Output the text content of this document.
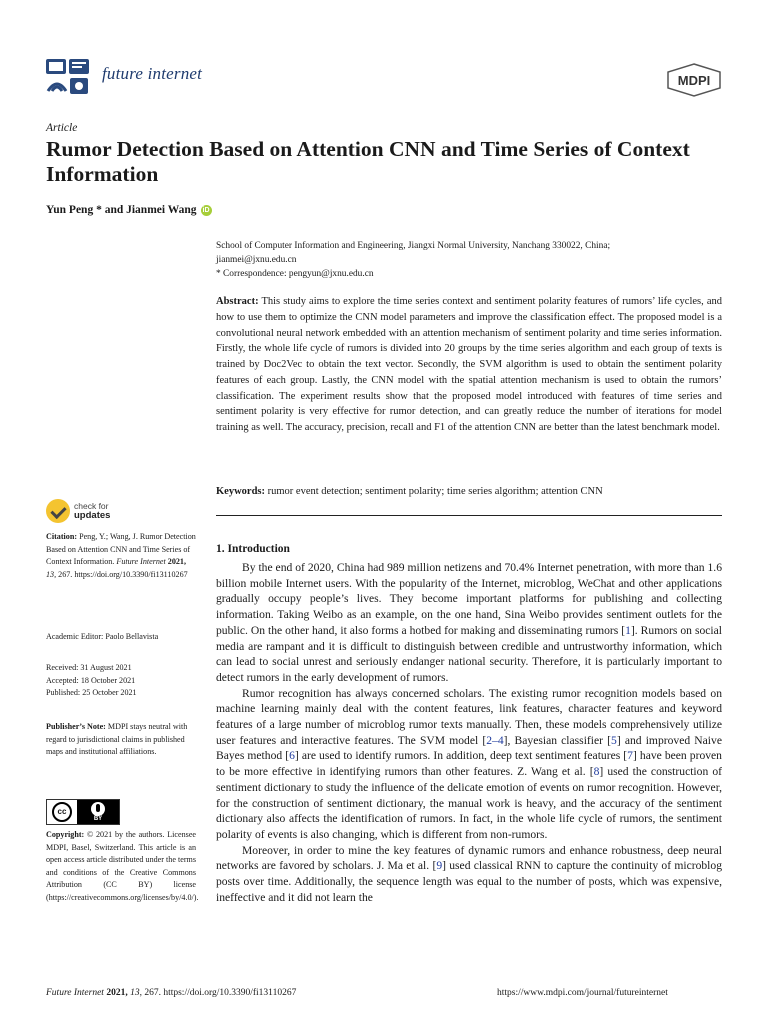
future internet	MDPI
Article
Rumor Detection Based on Attention CNN and Time Series of Context Information
Yun Peng * and Jianmei Wang iD
School of Computer Information and Engineering, Jiangxi Normal University, Nanchang 330022, China;
jianmei@jxnu.edu.cn
* Correspondence: pengyun@jxnu.edu.cn
Abstract: This study aims to explore the time series context and sentiment polarity features of rumors’ life cycles, and how to use them to optimize the CNN model parameters and improve the classification effect. The proposed model is a convolutional neural network embedded with an attention mechanism of sentiment polarity and time series information. Firstly, the whole life cycle of rumors is divided into 20 groups by the time series algorithm and each group of texts is trained by Doc2Vec to obtain the text vector. Secondly, the SVM algorithm is used to obtain the sentiment polarity features of each group. Lastly, the CNN model with the spatial attention mechanism is used to obtain the rumors’ classification. The experiment results show that the proposed model introduced with features of time series and sentiment polarity is very effective for rumor detection, and can greatly reduce the number of iterations for model training as well. The accuracy, precision, recall and F1 of the attention CNN are better than the latest benchmark model.
Keywords: rumor event detection; sentiment polarity; time series algorithm; attention CNN
check for
updates
Citation: Peng, Y.; Wang, J. Rumor Detection Based on Attention CNN and Time Series of Context Information. Future Internet 2021, 13, 267. https://doi.org/10.3390/fi13110267
Academic Editor: Paolo Bellavista
Received: 31 August 2021
Accepted: 18 October 2021
Published: 25 October 2021
Publisher’s Note: MDPI stays neutral with regard to jurisdictional claims in published maps and institutional affiliations.
cc
BY
Copyright: © 2021 by the authors. Licensee MDPI, Basel, Switzerland. This article is an open access article distributed under the terms and conditions of the Creative Commons Attribution (CC BY) license (https://creativecommons.org/licenses/by/4.0/).
1. Introduction

By the end of 2020, China had 989 million netizens and 70.4% Internet penetration, with more than 1.6 billion mobile Internet users. With the popularity of the Internet, microblog, WeChat and other applications gradually occupy people’s lives. They become important platforms for publishing and collecting information. Taking Weibo as an example, on the one hand, Sina Weibo provides sentiment outlets for the public. On the other hand, it also forms a hotbed for making and disseminating rumors [1]. Rumors on social media are rampant and it is difficult to distinguish between credible and untrustworthy information, which can lead to social unrest and seriously endanger national security. Therefore, it is particularly important to detect rumors in the early development of rumors.

Rumor recognition has always concerned scholars. The existing rumor recognition models based on machine learning mainly deal with the content features, link features, character features and keyword features of a large number of microblog rumor texts manually. Then, these models comprehensively utilize user features and interactive features. The SVM model [2–4], Bayesian classifier [5] and improved Naive Bayes method [6] are used to identify rumors. In addition, deep text sentiment features [7] have been proven to be more effective in identifying rumors than other features. Z. Wang et al. [8] used the construction of sentiment dictionary to study the influence of the delicate emotion of events on rumor recognition. However, for the construction of sentiment dictionary, the manual work is heavy, and the accuracy of the sentiment dictionary also affects the identification of rumors. In fact, in the whole life cycle of rumors, the sentiment polarity of events is also changing, which is different from non-rumors.

Moreover, in order to mine the key features of dynamic rumors and enhance robustness, deep neural networks are favored by scholars. J. Ma et al. [9] used classical RNN to capture the continuity of microblog posts over time. Additionally, the sequence length was equal to the number of posts, which was expensive, ineffective and it did not learn the

Future Internet 2021, 13, 267. https://doi.org/10.3390/fi13110267	https://www.mdpi.com/journal/futureinternet
